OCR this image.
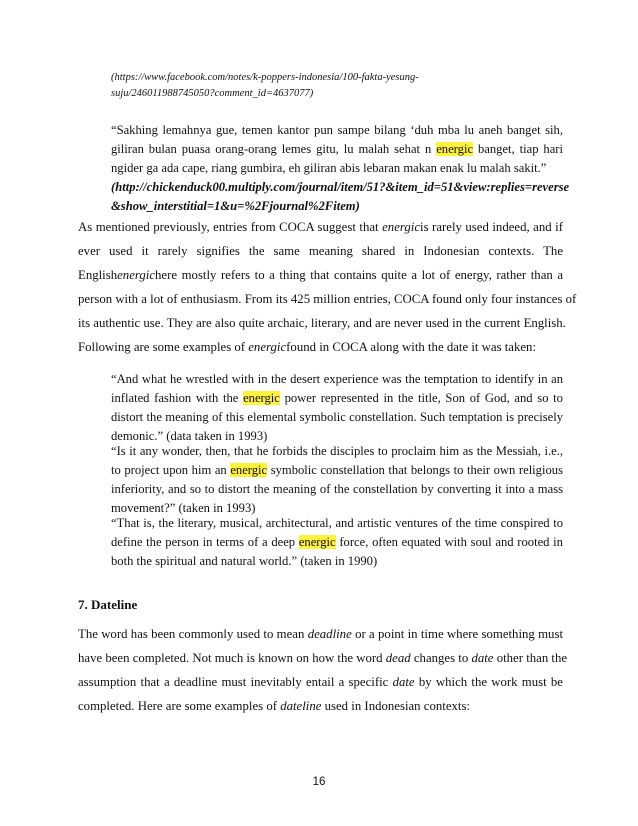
(https://www.facebook.com/notes/k-poppers-indonesia/100-fakta-yesung-
suju/246011988745050?comment_id=4637077)
“Sakhing lemahnya gue, temen kantor pun sampe bilang ‘duh mba lu aneh banget sih,
giliran bulan puasa orang-orang lemes gitu, lu malah sehat n energic banget, tiap hari
ngider ga ada cape, riang gumbira, eh giliran abis lebaran makan enak lu malah sakit.”
(http://chickenduck00.multiply.com/journal/item/51?&item_id=51&view:replies=reverse
&show_interstitial=1&u=%2Fjournal%2Fitem)
As mentioned previously, entries from COCA suggest that energicis rarely used indeed, and if
ever used it rarely signifies the same meaning shared in Indonesian contexts. The
Englishenergichere mostly refers to a thing that contains quite a lot of energy, rather than a
person with a lot of enthusiasm. From its 425 million entries, COCA found only four instances of
its authentic use. They are also quite archaic, literary, and are never used in the current English.
Following are some examples of energicfound in COCA along with the date it was taken:
“And what he wrestled with in the desert experience was the temptation to identify in an
inflated fashion with the energic power represented in the title, Son of God, and so to
distort the meaning of this elemental symbolic constellation. Such temptation is precisely
demonic.” (data taken in 1993)
“Is it any wonder, then, that he forbids the disciples to proclaim him as the Messiah, i.e.,
to project upon him an energic symbolic constellation that belongs to their own religious
inferiority, and so to distort the meaning of the constellation by converting it into a mass
movement?” (taken in 1993)
“That is, the literary, musical, architectural, and artistic ventures of the time conspired to
define the person in terms of a deep energic force, often equated with soul and rooted in
both the spiritual and natural world.” (taken in 1990)
7. Dateline
The word has been commonly used to mean deadline or a point in time where something must
have been completed. Not much is known on how the word dead changes to date other than the
assumption that a deadline must inevitably entail a specific date by which the work must be
completed. Here are some examples of dateline used in Indonesian contexts:
16
